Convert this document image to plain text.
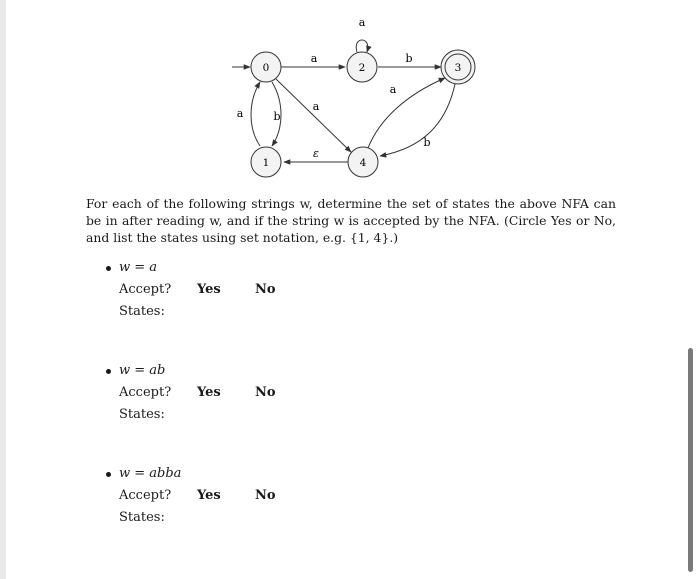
0	2	3
1	4
a
a
b
a
b
a
ε
a
b

For each of the following strings w, determine the set of states the above NFA can be in after reading w, and if the string w is accepted by the NFA. (Circle Yes or No, and list the states using set notation, e.g. {1, 4}.)

w = a
Accept? Yes	No
States:
w = ab
Accept? Yes	No
States:
w = abba
Accept? Yes	No
States:
